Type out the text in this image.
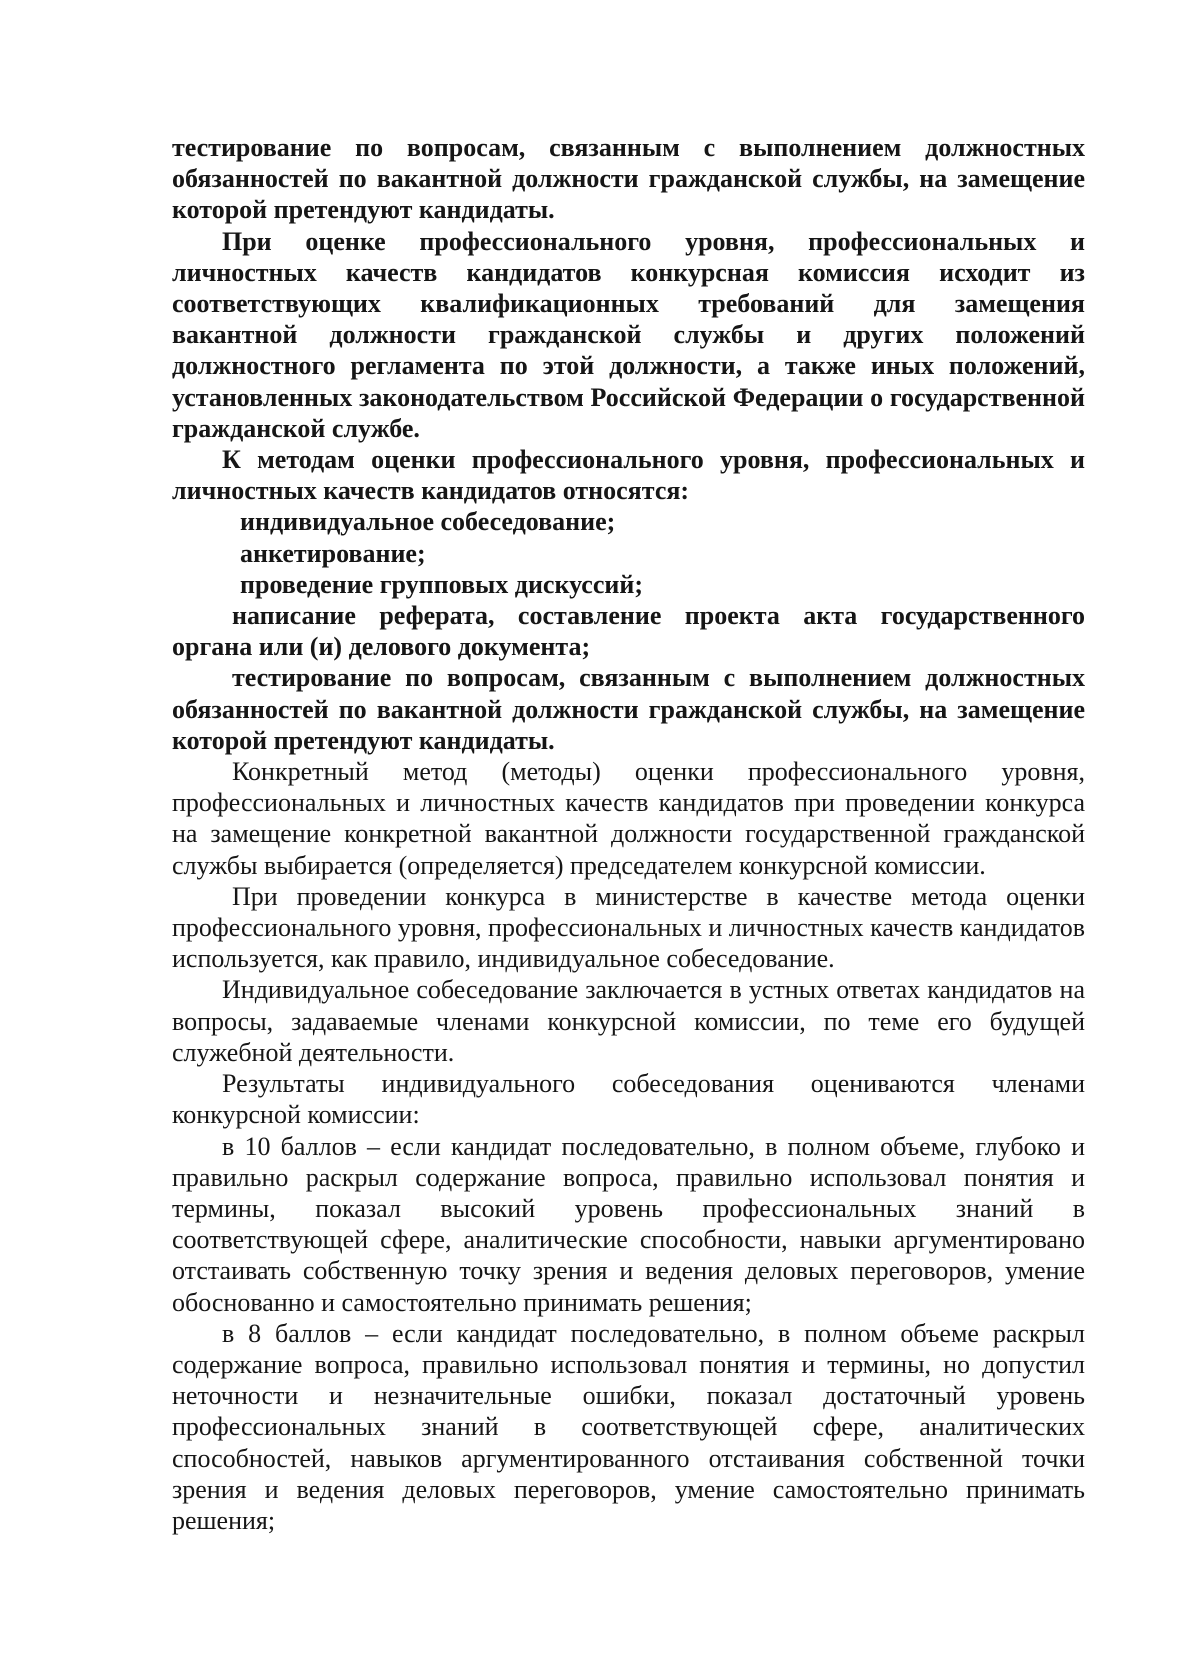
тестирование по вопросам, связанным с выполнением должностных обязанностей по вакантной должности гражданской службы, на замещение которой претендуют кандидаты.

При оценке профессионального уровня, профессиональных и личностных качеств кандидатов конкурсная комиссия исходит из соответствующих квалификационных требований для замещения вакантной должности гражданской службы и других положений должностного регламента по этой должности, а также иных положений, установленных законодательством Российской Федерации о государственной гражданской службе.

К методам оценки профессионального уровня, профессиональных и личностных качеств кандидатов относятся:

индивидуальное собеседование;

анкетирование;

проведение групповых дискуссий;

написание реферата, составление проекта акта государственного органа или (и) делового документа;

тестирование по вопросам, связанным с выполнением должностных обязанностей по вакантной должности гражданской службы, на замещение которой претендуют кандидаты.

Конкретный метод (методы) оценки профессионального уровня, профессиональных и личностных качеств кандидатов при проведении конкурса на замещение конкретной вакантной должности государственной гражданской службы выбирается (определяется) председателем конкурсной комиссии.

При проведении конкурса в министерстве в качестве метода оценки профессионального уровня, профессиональных и личностных качеств кандидатов используется, как правило, индивидуальное собеседование.

Индивидуальное собеседование заключается в устных ответах кандидатов на вопросы, задаваемые членами конкурсной комиссии, по теме его будущей служебной деятельности.

Результаты индивидуального собеседования оцениваются членами конкурсной комиссии:

в 10 баллов – если кандидат последовательно, в полном объеме, глубоко и правильно раскрыл содержание вопроса, правильно использовал понятия и термины, показал высокий уровень профессиональных знаний в соответствующей сфере, аналитические способности, навыки аргументировано отстаивать собственную точку зрения и ведения деловых переговоров, умение обоснованно и самостоятельно принимать решения;

в 8 баллов – если кандидат последовательно, в полном объеме раскрыл содержание вопроса, правильно использовал понятия и термины, но допустил неточности и незначительные ошибки, показал достаточный уровень профессиональных знаний в соответствующей сфере, аналитических способностей, навыков аргументированного отстаивания собственной точки зрения и ведения деловых переговоров, умение самостоятельно принимать решения;
